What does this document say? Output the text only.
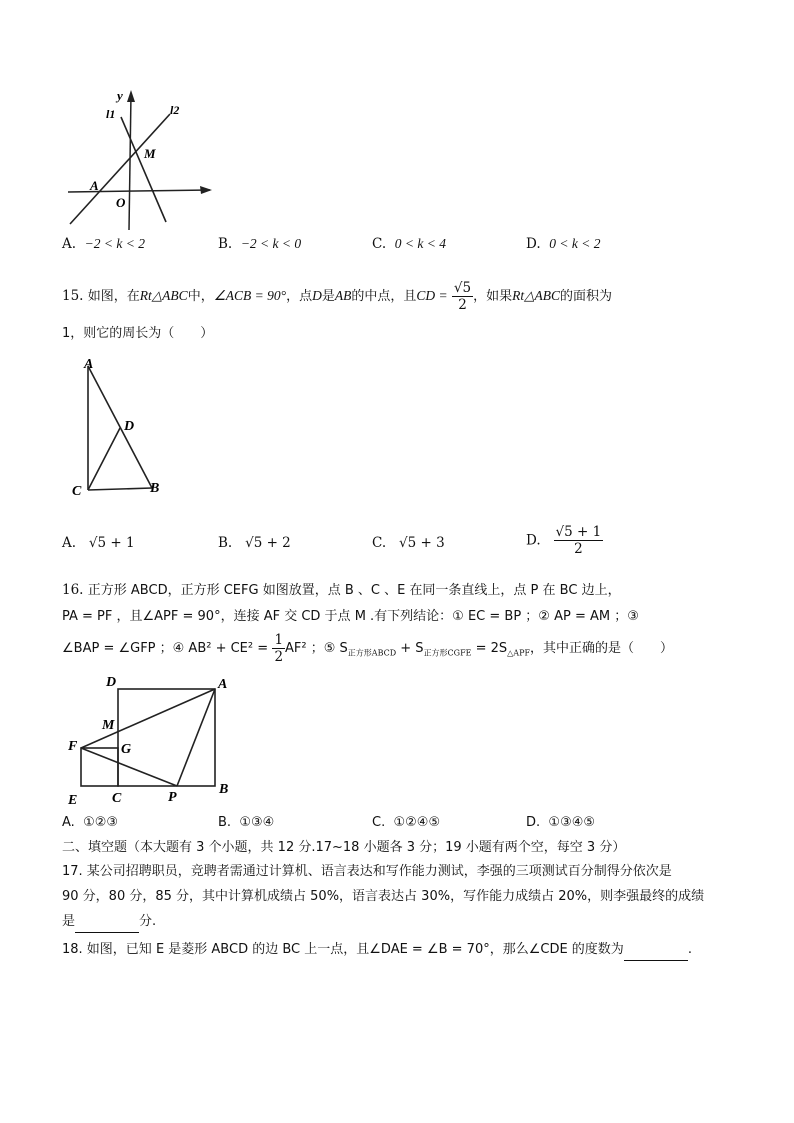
y
l1	l2
M
A
O
A. −2 < k < 2	B. −2 < k < 0	C. 0 < k < 4	D. 0 < k < 2
15. 如图，在Rt△ABC中，∠ACB = 90°，点D是AB的中点，且CD = $\frac{√5}{2}$ ，如果Rt△ABC的面积为
1，则它的周长为（　　）
A
D
C	B
A. √5 + 1	B. √5 + 2	C. √5 + 3	D. $\frac{√5 + 1}{2}$
16. 正方形 ABCD，正方形 CEFG 如图放置，点 B 、C 、E 在同一条直线上，点 P 在 BC 边上，
PA = PF ，且∠APF = 90°，连接 AF 交 CD 于点 M .有下列结论：① EC = BP ；② AP = AM ；③
∠BAP = ∠GFP ；④ $AB^2 + CE^2 = \frac{1}{2} AF^2$ ；⑤ $S_{正方形ABCD} + S_{正方形CGFE} = 2S_{\triangle APF}$，其中正确的是（　　）
D	A
M
F	G
E C	P
B
A. ①②③	B. ①③④	C. ①②④⑤	D. ①③④⑤
二、填空题（本大题有 3 个小题，共 12 分.17~18 小题各 3 分；19 小题有两个空，每空 3 分）
17. 某公司招聘职员，竞聘者需通过计算机、语言表达和写作能力测试，李强的三项测试百分制得分依次是
90 分，80 分，85 分，其中计算机成绩占 50%，语言表达占 30%，写作能力成绩占 20%，则李强最终的成绩
是	分.
18. 如图，已知 E 是菱形 ABCD 的边 BC 上一点，且∠DAE = ∠B = 70°，那么∠CDE 的度数为	.
